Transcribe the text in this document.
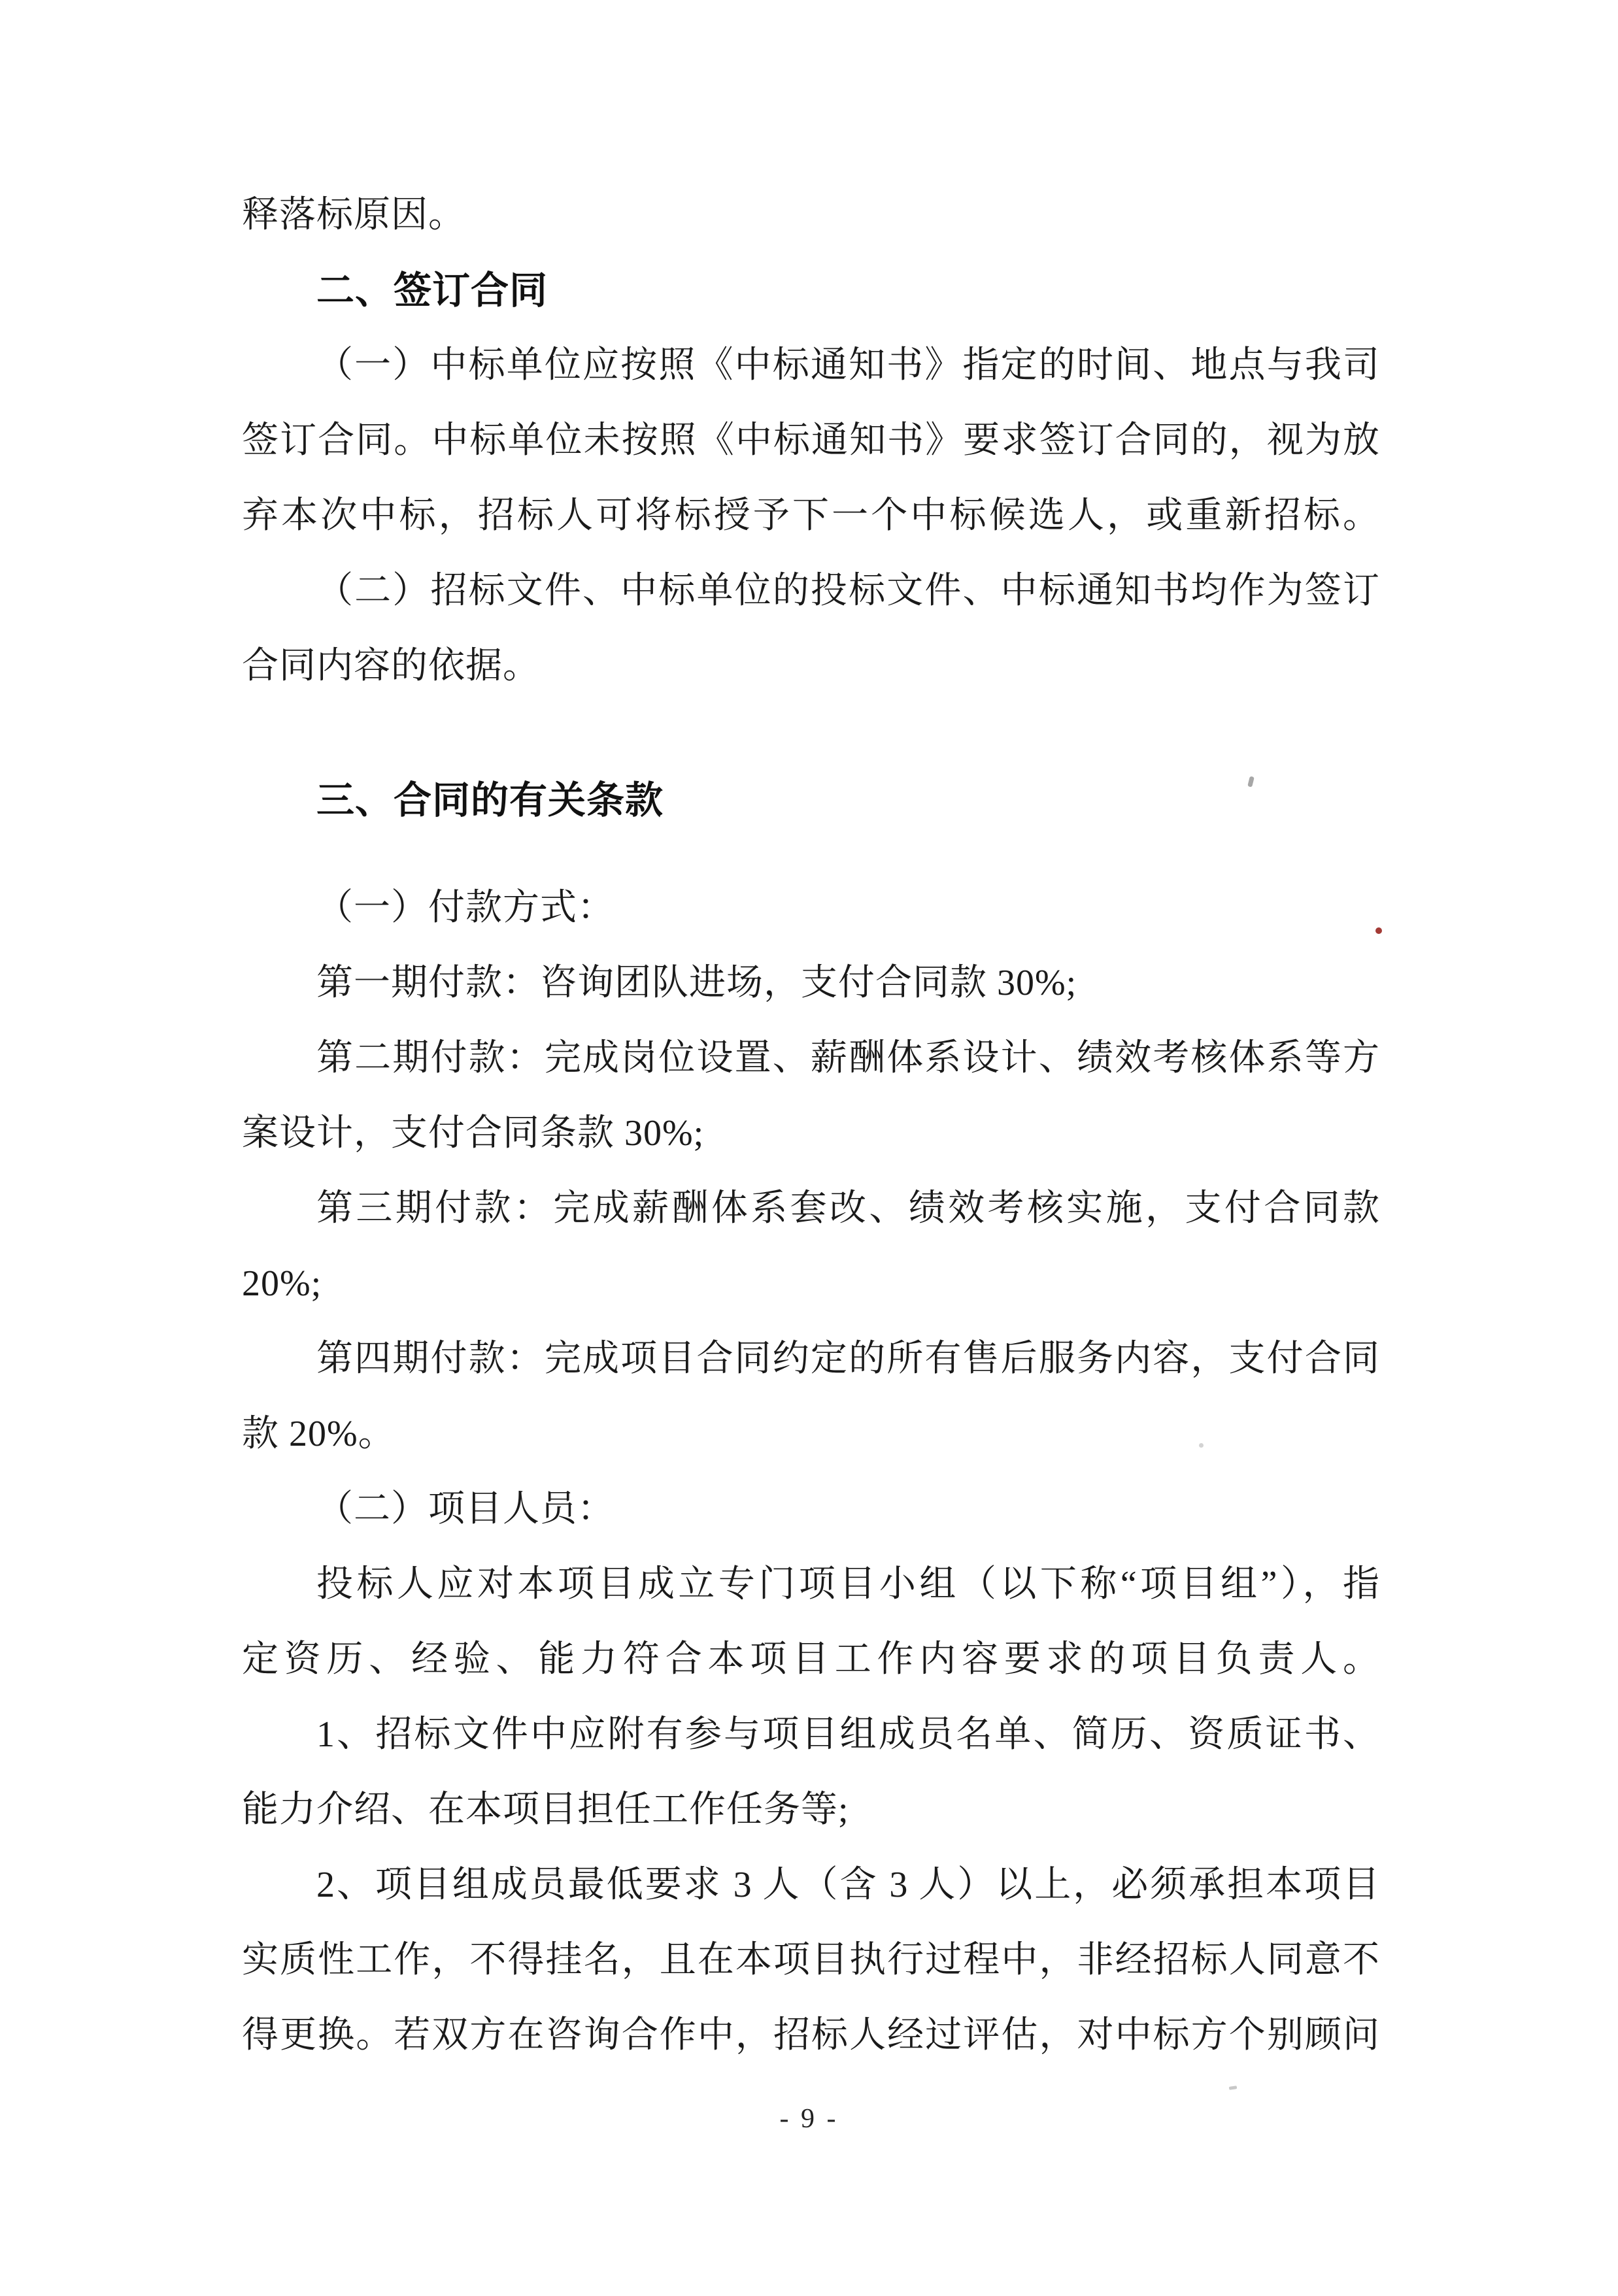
释落标原因。
二、签订合同
（一）中标单位应按照《中标通知书》指定的时间、地点与我司
签订合同。中标单位未按照《中标通知书》要求签订合同的，视为放
弃本次中标，招标人可将标授予下一个中标候选人，或重新招标。
（二）招标文件、中标单位的投标文件、中标通知书均作为签订
合同内容的依据。
三、合同的有关条款
（一）付款方式：
第一期付款：咨询团队进场，支付合同款 30%;
第二期付款：完成岗位设置、薪酬体系设计、绩效考核体系等方
案设计，支付合同条款 30%;
第三期付款：完成薪酬体系套改、绩效考核实施，支付合同款
20%;
第四期付款：完成项目合同约定的所有售后服务内容，支付合同
款 20%。
（二）项目人员：
投标人应对本项目成立专门项目小组（以下称“项目组”），指
定资历、经验、能力符合本项目工作内容要求的项目负责人。
1、招标文件中应附有参与项目组成员名单、简历、资质证书、
能力介绍、在本项目担任工作任务等;
2、项目组成员最低要求 3 人（含 3 人）以上，必须承担本项目
实质性工作，不得挂名，且在本项目执行过程中，非经招标人同意不
得更换。若双方在咨询合作中，招标人经过评估，对中标方个别顾问
- 9 -
